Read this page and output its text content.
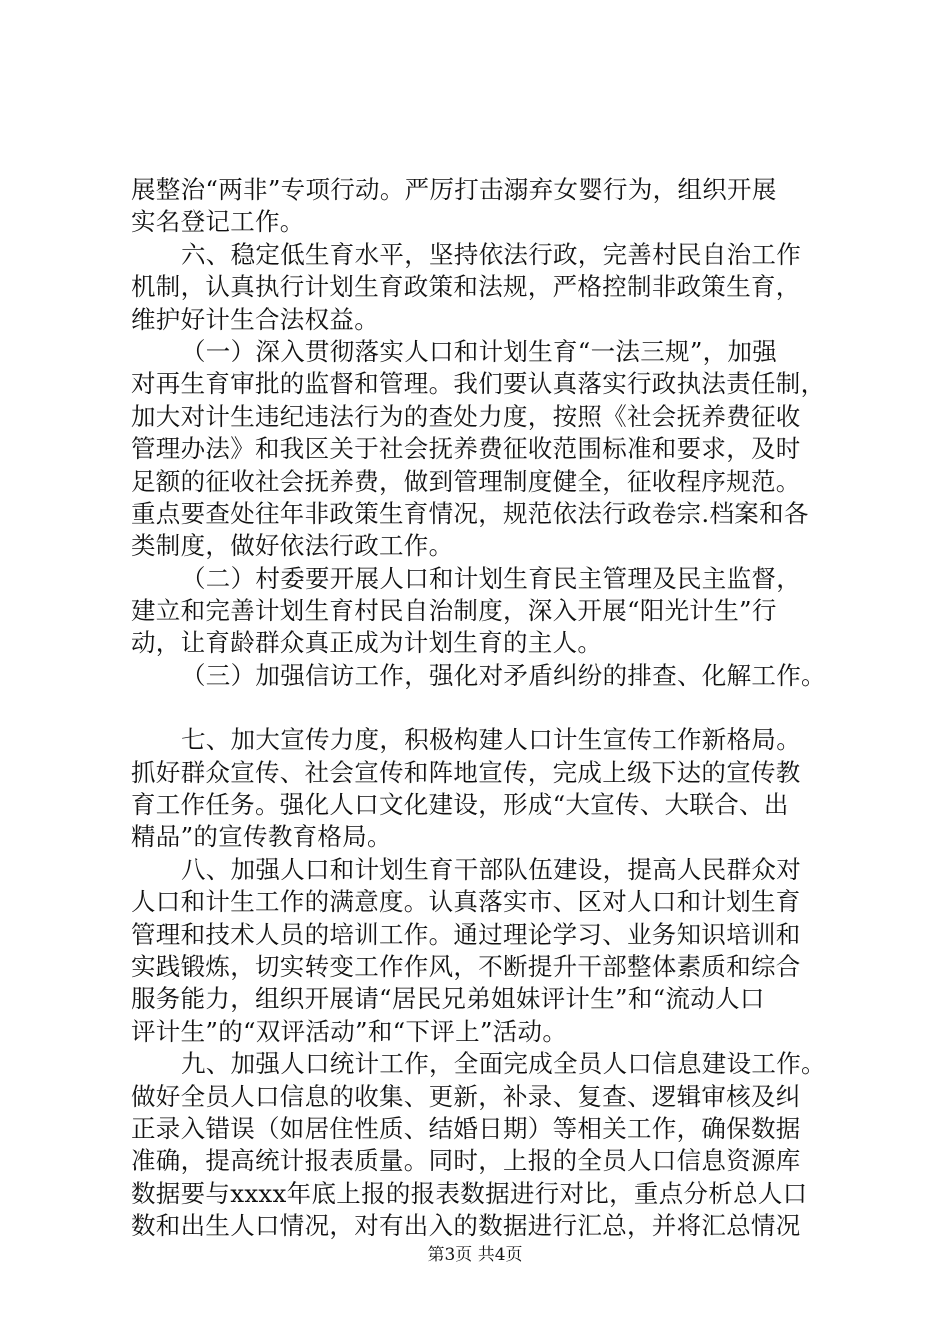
展整治“两非”专项行动。严厉打击溺弃女婴行为，组织开展
实名登记工作。
六、稳定低生育水平，坚持依法行政，完善村民自治工作
机制，认真执行计划生育政策和法规，严格控制非政策生育，
维护好计生合法权益。
（一）深入贯彻落实人口和计划生育“一法三规”，加强
对再生育审批的监督和管理。我们要认真落实行政执法责任制，
加大对计生违纪违法行为的查处力度，按照《社会抚养费征收
管理办法》和我区关于社会抚养费征收范围标准和要求，及时
足额的征收社会抚养费，做到管理制度健全，征收程序规范。
重点要查处往年非政策生育情况，规范依法行政卷宗.档案和各
类制度，做好依法行政工作。
（二）村委要开展人口和计划生育民主管理及民主监督，
建立和完善计划生育村民自治制度，深入开展“阳光计生”行
动，让育龄群众真正成为计划生育的主人。
（三）加强信访工作，强化对矛盾纠纷的排查、化解工作。
七、加大宣传力度，积极构建人口计生宣传工作新格局。
抓好群众宣传、社会宣传和阵地宣传，完成上级下达的宣传教
育工作任务。强化人口文化建设，形成“大宣传、大联合、出
精品”的宣传教育格局。
八、加强人口和计划生育干部队伍建设，提高人民群众对
人口和计生工作的满意度。认真落实市、区对人口和计划生育
管理和技术人员的培训工作。通过理论学习、业务知识培训和
实践锻炼，切实转变工作作风，不断提升干部整体素质和综合
服务能力，组织开展请“居民兄弟姐妹评计生”和“流动人口
评计生”的“双评活动”和“下评上”活动。
九、加强人口统计工作，全面完成全员人口信息建设工作。
做好全员人口信息的收集、更新，补录、复查、逻辑审核及纠
正录入错误（如居住性质、结婚日期）等相关工作，确保数据
准确，提高统计报表质量。同时，上报的全员人口信息资源库
数据要与xxxx年底上报的报表数据进行对比，重点分析总人口
数和出生人口情况，对有出入的数据进行汇总，并将汇总情况
第3页 共4页
